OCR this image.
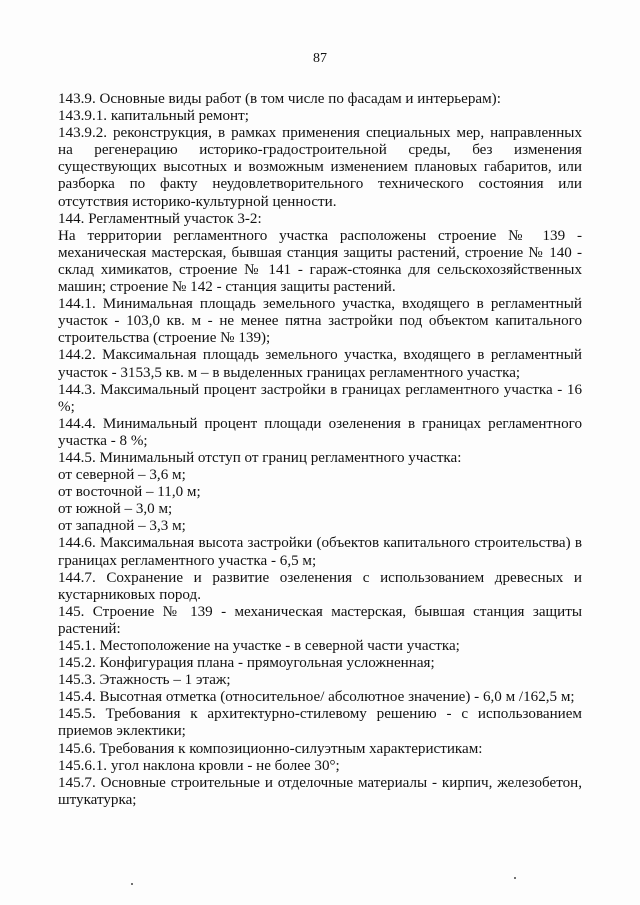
87

143.9. Основные виды работ (в том числе по фасадам и интерьерам):

143.9.1. капитальный ремонт;

143.9.2. реконструкция, в рамках применения специальных мер, направленных на регенерацию историко-градостроительной среды, без изменения существующих высотных и возможным изменением плановых габаритов, или разборка по факту неудовлетворительного технического состояния или отсутствия историко-культурной ценности.

144. Регламентный участок 3-2:

На территории регламентного участка расположены строение № 139 - механическая мастерская, бывшая станция защиты растений, строение № 140 - склад химикатов, строение № 141 - гараж-стоянка для сельскохозяйственных машин; строение № 142 - станция защиты растений.

144.1. Минимальная площадь земельного участка, входящего в регламентный участок - 103,0 кв. м - не менее пятна застройки под объектом капитального строительства (строение № 139);

144.2. Максимальная площадь земельного участка, входящего в регламентный участок - 3153,5 кв. м – в выделенных границах регламентного участка;

144.3. Максимальный процент застройки в границах регламентного участка - 16 %;

144.4. Минимальный процент площади озеленения в границах регламентного участка - 8 %;

144.5. Минимальный отступ от границ регламентного участка:

от северной – 3,6 м;

от восточной – 11,0 м;

от южной – 3,0 м;

от западной – 3,3 м;

144.6. Максимальная высота застройки (объектов капитального строительства) в границах регламентного участка - 6,5 м;

144.7. Сохранение и развитие озеленения с использованием древесных и кустарниковых пород.

145. Строение № 139 - механическая мастерская, бывшая станция защиты растений:

145.1. Местоположение на участке - в северной части участка;

145.2. Конфигурация плана - прямоугольная усложненная;

145.3. Этажность – 1 этаж;

145.4. Высотная отметка (относительное/ абсолютное значение) - 6,0 м /162,5 м;

145.5. Требования к архитектурно-стилевому решению - с использованием приемов эклектики;

145.6. Требования к композиционно-силуэтным характеристикам:

145.6.1. угол наклона кровли - не более 30°;

145.7. Основные строительные и отделочные материалы - кирпич, железобетон, штукатурка;
